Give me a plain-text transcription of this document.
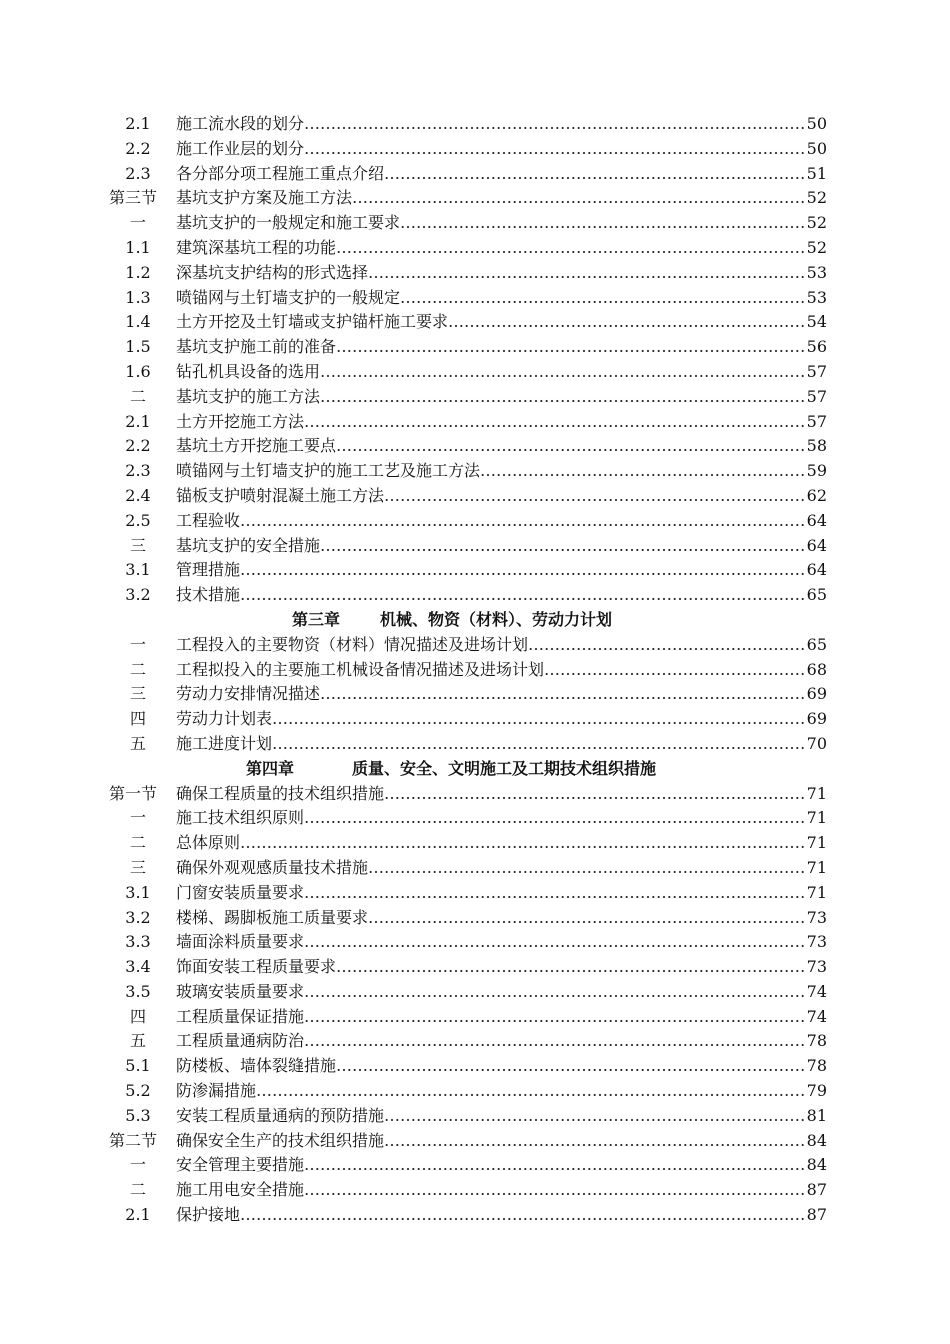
2.1	施工流水段的划分 …………………………………………………………………………………………………………………………………………………………	50
2.2	施工作业层的划分 …………………………………………………………………………………………………………………………………………………………	50
2.3	各分部分项工程施工重点介绍 …………………………………………………………………………………………………………………………………………………………	51
第三节	基坑支护方案及施工方法 …………………………………………………………………………………………………………………………………………………………	52
一	基坑支护的一般规定和施工要求 …………………………………………………………………………………………………………………………………………………………	52
1.1	建筑深基坑工程的功能 …………………………………………………………………………………………………………………………………………………………	52
1.2	深基坑支护结构的形式选择 …………………………………………………………………………………………………………………………………………………………	53
1.3	喷锚网与土钉墙支护的一般规定 …………………………………………………………………………………………………………………………………………………………	53
1.4	土方开挖及土钉墙或支护锚杆施工要求 …………………………………………………………………………………………………………………………………………………………	54
1.5	基坑支护施工前的准备 …………………………………………………………………………………………………………………………………………………………	56
1.6	钻孔机具设备的选用 …………………………………………………………………………………………………………………………………………………………	57
二	基坑支护的施工方法 …………………………………………………………………………………………………………………………………………………………	57
2.1	土方开挖施工方法 …………………………………………………………………………………………………………………………………………………………	57
2.2	基坑土方开挖施工要点 …………………………………………………………………………………………………………………………………………………………	58
2.3	喷锚网与土钉墙支护的施工工艺及施工方法 …………………………………………………………………………………………………………………………………………………………	59
2.4	锚板支护喷射混凝土施工方法 …………………………………………………………………………………………………………………………………………………………	62
2.5	工程验收 …………………………………………………………………………………………………………………………………………………………	64
三	基坑支护的安全措施 …………………………………………………………………………………………………………………………………………………………	64
3.1	管理措施 …………………………………………………………………………………………………………………………………………………………	64
3.2	技术措施 …………………………………………………………………………………………………………………………………………………………	65
第三章 机械、物资（材料）、劳动力计划
一	工程投入的主要物资（材料）情况描述及进场计划 …………………………………………………………………………………………………………………………………………………………	65
二	工程拟投入的主要施工机械设备情况描述及进场计划 …………………………………………………………………………………………………………………………………………………………	68
三	劳动力安排情况描述 …………………………………………………………………………………………………………………………………………………………	69
四	劳动力计划表 …………………………………………………………………………………………………………………………………………………………	69
五	施工进度计划 …………………………………………………………………………………………………………………………………………………………	70
第四章	质量、安全、文明施工及工期技术组织措施
第一节	确保工程质量的技术组织措施 …………………………………………………………………………………………………………………………………………………………	71
一	施工技术组织原则 …………………………………………………………………………………………………………………………………………………………	71
二	总体原则 …………………………………………………………………………………………………………………………………………………………	71
三	确保外观观感质量技术措施 …………………………………………………………………………………………………………………………………………………………	71
3.1	门窗安装质量要求 …………………………………………………………………………………………………………………………………………………………	71
3.2	楼梯、踢脚板施工质量要求 …………………………………………………………………………………………………………………………………………………………	73
3.3	墙面涂料质量要求 …………………………………………………………………………………………………………………………………………………………	73
3.4	饰面安装工程质量要求 …………………………………………………………………………………………………………………………………………………………	73
3.5	玻璃安装质量要求 …………………………………………………………………………………………………………………………………………………………	74
四	工程质量保证措施 …………………………………………………………………………………………………………………………………………………………	74
五	工程质量通病防治 …………………………………………………………………………………………………………………………………………………………	78
5.1	防楼板、墙体裂缝措施 …………………………………………………………………………………………………………………………………………………………	78
5.2	防渗漏措施 …………………………………………………………………………………………………………………………………………………………	79
5.3	安装工程质量通病的预防措施 …………………………………………………………………………………………………………………………………………………………	81
第二节	确保安全生产的技术组织措施 …………………………………………………………………………………………………………………………………………………………	84
一	安全管理主要措施 …………………………………………………………………………………………………………………………………………………………	84
二	施工用电安全措施 …………………………………………………………………………………………………………………………………………………………	87
2.1	保护接地 …………………………………………………………………………………………………………………………………………………………	87
